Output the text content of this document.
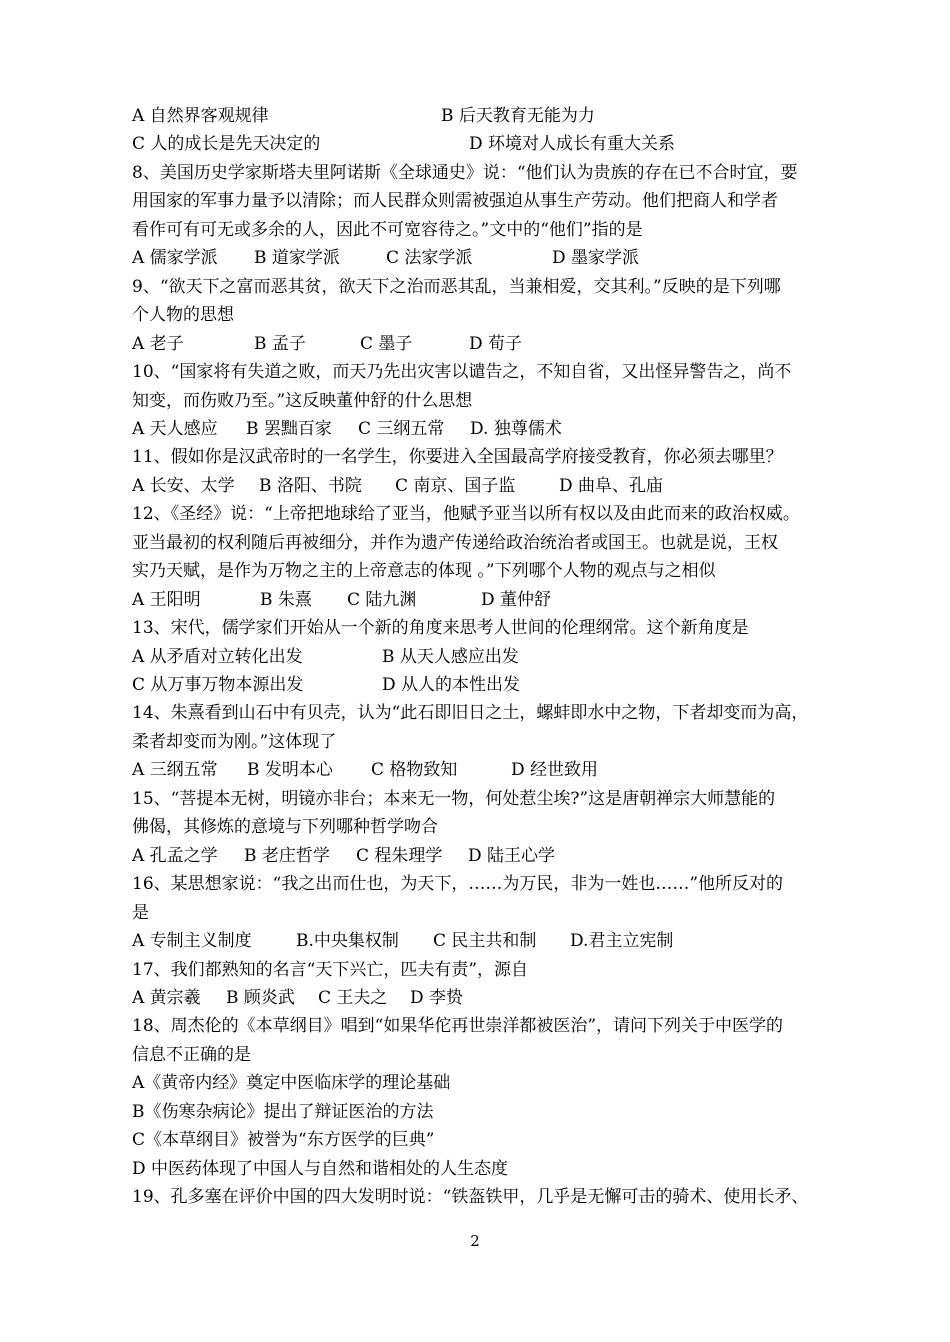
A 自然界客观规律	B 后天教育无能为力
C 人的成长是先天决定的	D 环境对人成长有重大关系
8、美国历史学家斯塔夫里阿诺斯《全球通史》说：“他们认为贵族的存在已不合时宜，要
用国家的军事力量予以清除；而人民群众则需被强迫从事生产劳动。他们把商人和学者
看作可有可无或多余的人，因此不可宽容待之。”文中的“他们”指的是
A 儒家学派 B 道家学派	C 法家学派	D 墨家学派
9、“欲天下之富而恶其贫，欲天下之治而恶其乱，当兼相爱，交其利。”反映的是下列哪
个人物的思想
A 老子	B 孟子	C 墨子	D 荀子
10、“国家将有失道之败，而天乃先出灾害以谴告之，不知自省，又出怪异警告之，尚不
知变，而伤败乃至。”这反映董仲舒的什么思想
A 天人感应 B 罢黜百家 C 三纲五常 D. 独尊儒术
11、假如你是汉武帝时的一名学生，你要进入全国最高学府接受教育，你必须去哪里？
A 长安、太学 B 洛阳、书院 C 南京、国子监	D 曲阜、孔庙
12、《圣经》说：“上帝把地球给了亚当，他赋予亚当以所有权以及由此而来的政治权威。
亚当最初的权利随后再被细分，并作为遗产传递给政治统治者或国王。也就是说，王权
实乃天赋，是作为万物之主的上帝意志的体现 。”下列哪个人物的观点与之相似
A 王阳明	B 朱熹 C 陆九渊	D 董仲舒
13、宋代，儒学家们开始从一个新的角度来思考人世间的伦理纲常。这个新角度是
A 从矛盾对立转化出发	B 从天人感应出发
C 从万事万物本源出发	D 从人的本性出发
14、朱熹看到山石中有贝壳，认为“此石即旧日之土，螺蚌即水中之物，下者却变而为高，
柔者却变而为刚。”这体现了
A 三纲五常 B 发明本心 C 格物致知	D 经世致用
15、“菩提本无树，明镜亦非台；本来无一物，何处惹尘埃?”这是唐朝禅宗大师慧能的
佛偈，其修炼的意境与下列哪种哲学吻合
A 孔孟之学 B 老庄哲学 C 程朱理学 D 陆王心学
16、某思想家说：“我之出而仕也，为天下，……为万民，非为一姓也……”他所反对的
是
A 专制主义制度	B.中央集权制 C 民主共和制 D.君主立宪制
17、我们都熟知的名言“天下兴亡，匹夫有责”，源自
A 黄宗羲 B 顾炎武 C 王夫之 D 李贽
18、周杰伦的《本草纲目》唱到“如果华佗再世崇洋都被医治”，请问下列关于中医学的
信息不正确的是
A《黄帝内经》奠定中医临床学的理论基础
B《伤寒杂病论》提出了辩证医治的方法
C《本草纲目》被誉为“东方医学的巨典”
D 中医药体现了中国人与自然和谐相处的人生态度
19、孔多塞在评价中国的四大发明时说：“铁盔铁甲，几乎是无懈可击的骑术、使用长矛、
2
